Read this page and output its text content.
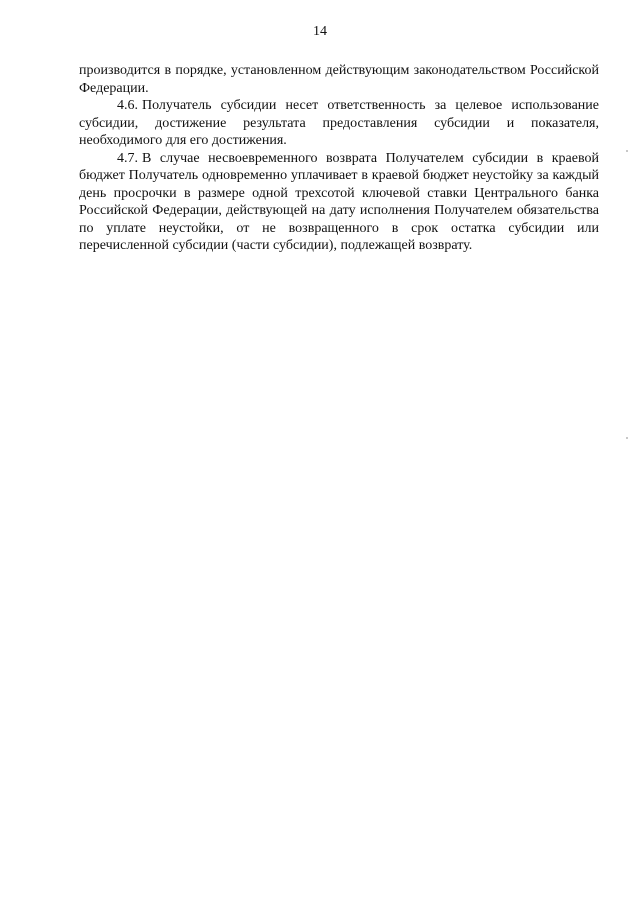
14

производится в порядке, установленном действующим законодательством Российской Федерации.

4.6. Получатель субсидии несет ответственность за целевое использование субсидии, достижение результата предоставления субсидии и показателя, необходимого для его достижения.

4.7. В случае несвоевременного возврата Получателем субсидии в краевой бюджет Получатель одновременно уплачивает в краевой бюджет неустойку за каждый день просрочки в размере одной трехсотой ключевой ставки Центрального банка Российской Федерации, действующей на дату исполнения Получателем обязательства по уплате неустойки, от не возвращенного в срок остатка субсидии или перечисленной субсидии (части субсидии), подлежащей возврату.
